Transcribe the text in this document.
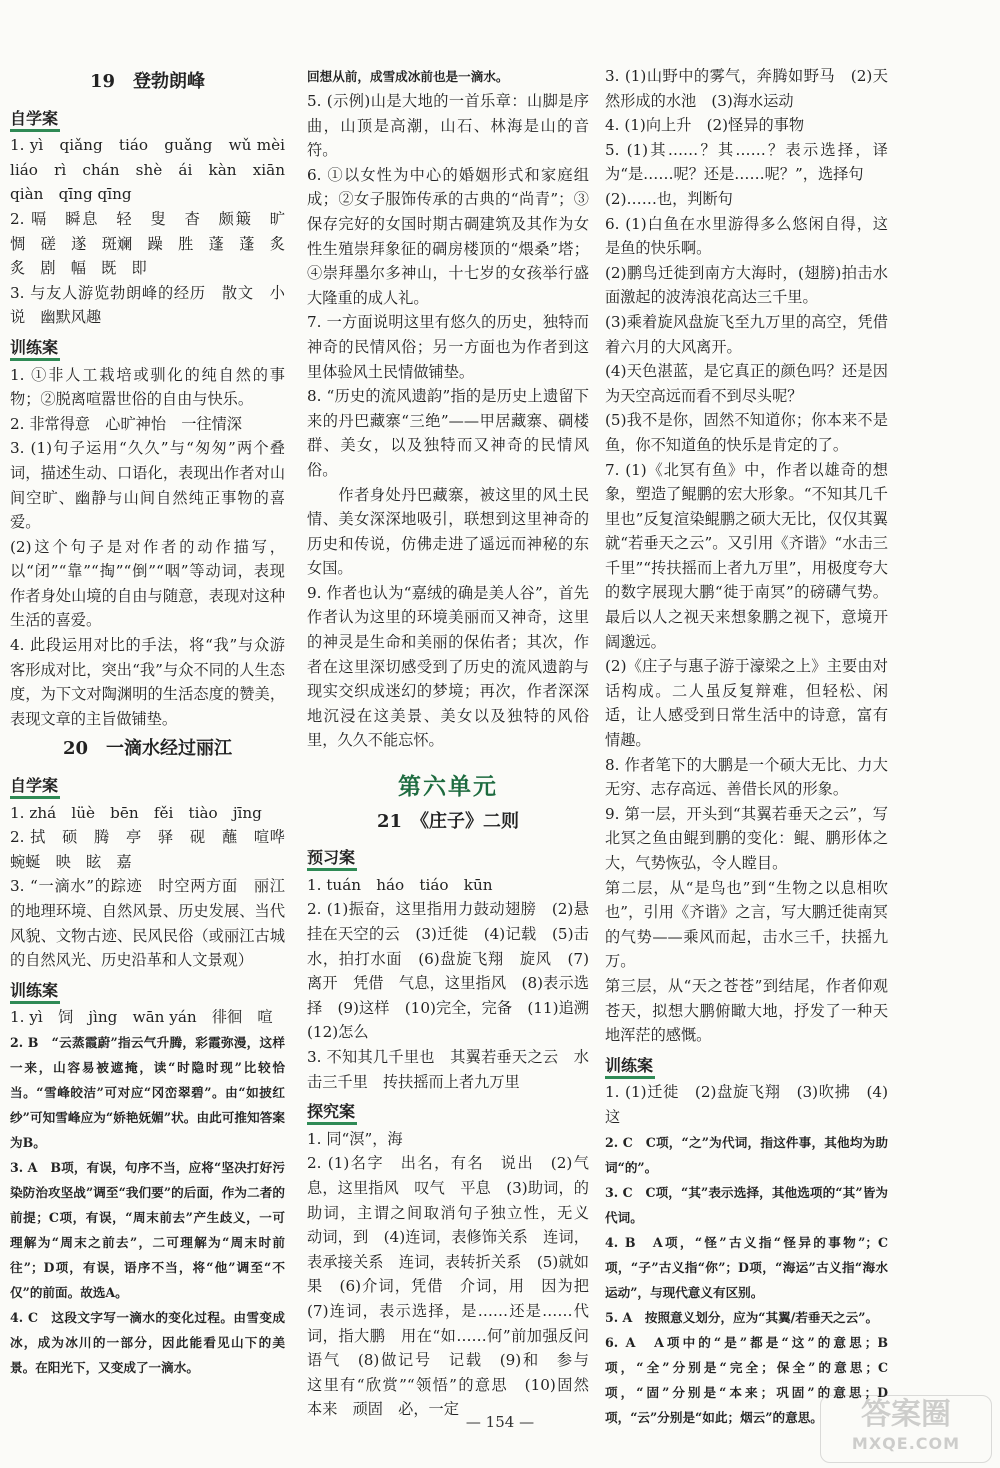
19　登勃朗峰
自学案

1. yì　qiǎng　tiáo　guǎng　wǔ mèi　liáo　rì　chán　shè　ái　kàn　xiān　qiàn　qīng qīng

2. 嗝　瞬息　轻　叟　杳　颇簸　旷　惆　磋　遂　斑斓　躁　胜　蓬　蓬　炙　炙　剧　幅　既　即

3. 与友人游览勃朗峰的经历　散文　小说　幽默风趣

训练案

1. ①非人工栽培或驯化的纯自然的事物；②脱离喧嚣世俗的自由与快乐。

2. 非常得意　心旷神怡　一往情深

3. (1)句子运用“久久”与“匆匆”两个叠词，描述生动、口语化，表现出作者对山间空旷、幽静与山间自然纯正事物的喜爱。

(2)这个句子是对作者的动作描写，以“闭”“靠”“掏”“倒”“咽”等动词，表现作者身处山境的自由与随意，表现对这种生活的喜爱。

4. 此段运用对比的手法，将“我”与众游客形成对比，突出“我”与众不同的人生态度，为下文对陶渊明的生活态度的赞美，表现文章的主旨做铺垫。

20　一滴水经过丽江
自学案

1. zhá　lüè　bēn　fěi　tiào　jīng

2. 拭　硕　腾　亭　驿　砚　蘸　喧哗　蜿蜒　映　眩　嘉

3. “一滴水”的踪迹　时空两方面　丽江的地理环境、自然风景、历史发展、当代风貌、文物古迹、民风民俗（或丽江古城的自然风光、历史沿革和人文景观）

训练案

1. yì　饲　jìng　wān yán　徘徊　喧

2. B　“云蒸霞蔚”指云气升腾，彩霞弥漫，这样一来，山容易被遮掩，读“时隐时现”比较恰当。“雪峰皎洁”可对应“冈峦翠碧”。由“如披红纱”可知雪峰应为“娇艳妩媚”状。由此可推知答案为B。

3. A　B项，有误，句序不当，应将“坚决打好污染防治攻坚战”调至“我们要”的后面，作为二者的前提；C项，有误，“周末前去”产生歧义，一可理解为“周末之前去”，二可理解为“周末时前往”；D项，有误，语序不当，将“他”调至“不仅”的前面。故选A。

4. C　这段文字写一滴水的变化过程。由雪变成冰，成为冰川的一部分，因此能看见山下的美景。在阳光下，又变成了一滴水。

回想从前，成雪成冰前也是一滴水。

5. (示例)山是大地的一首乐章：山脚是序曲，山顶是高潮，山石、林海是山的音符。

6. ①以女性为中心的婚姻形式和家庭组成；②女子服饰传承的古典的“尚青”；③保存完好的女国时期古碉建筑及其作为女性生殖崇拜象征的碉房楼顶的“煨桑”塔；④崇拜墨尔多神山，十七岁的女孩举行盛大隆重的成人礼。

7. 一方面说明这里有悠久的历史，独特而神奇的民情风俗；另一方面也为作者到这里体验风土民情做铺垫。

8. “历史的流风遗韵”指的是历史上遗留下来的丹巴藏寨“三绝”——甲居藏寨、碉楼群、美女，以及独特而又神奇的民情风俗。

　　作者身处丹巴藏寨，被这里的风土民情、美女深深地吸引，联想到这里神奇的历史和传说，仿佛走进了遥远而神秘的东女国。

9. 作者也认为“嘉绒的确是美人谷”，首先作者认为这里的环境美丽而又神奇，这里的神灵是生命和美丽的保佑者；其次，作者在这里深切感受到了历史的流风遗韵与现实交织成迷幻的梦境；再次，作者深深地沉浸在这美景、美女以及独特的风俗里，久久不能忘怀。

第六单元
21　《庄子》二则
预习案

1. tuán　háo　tiáo　kūn

2. (1)振奋，这里指用力鼓动翅膀　(2)悬挂在天空的云　(3)迁徙　(4)记载　(5)击水，拍打水面　(6)盘旋飞翔　旋风　(7)离开　凭借　气息，这里指风　(8)表示选择　(9)这样　(10)完全，完备　(11)追溯　(12)怎么

3. 不知其几千里也　其翼若垂天之云　水击三千里　抟扶摇而上者九万里

探究案

1. 同“溟”，海

2. (1)名字　出名，有名　说出　(2)气息，这里指风　叹气　平息　(3)助词，的　助词，主谓之间取消句子独立性，无义　动词，到　(4)连词，表修饰关系　连词，表承接关系　连词，表转折关系　(5)就如果　(6)介词，凭借　介词，用　因为把　(7)连词，表示选择，是……还是……代词，指大鹏　用在“如……何”前加强反问语气　(8)做记号　记载　(9)和　参与　这里有“欣赏”“领悟”的意思　(10)固然　本来　顽固　必，一定

3. (1)山野中的雾气，奔腾如野马　(2)天然形成的水池　(3)海水运动

4. (1)向上升　(2)怪异的事物

5. (1)其……？其……？表示选择，译为“是……呢？还是……呢？”，选择句

(2)……也，判断句

6. (1)白鱼在水里游得多么悠闲自得，这是鱼的快乐啊。

(2)鹏鸟迁徙到南方大海时，(翅膀)拍击水面激起的波涛浪花高达三千里。

(3)乘着旋风盘旋飞至九万里的高空，凭借着六月的大风离开。

(4)天色湛蓝，是它真正的颜色吗？还是因为天空高远而看不到尽头呢？

(5)我不是你，固然不知道你；你本来不是鱼，你不知道鱼的快乐是肯定的了。

7. (1)《北冥有鱼》中，作者以雄奇的想象，塑造了鲲鹏的宏大形象。“不知其几千里也”反复渲染鲲鹏之硕大无比，仅仅其翼就“若垂天之云”。又引用《齐谐》“水击三千里”“抟扶摇而上者九万里”，用极度夸大的数字展现大鹏“徙于南冥”的磅礴气势。最后以人之视天来想象鹏之视下，意境开阔邈远。

(2)《庄子与惠子游于濠梁之上》主要由对话构成。二人虽反复辩难，但轻松、闲适，让人感受到日常生活中的诗意，富有情趣。

8. 作者笔下的大鹏是一个硕大无比、力大无穷、志存高远、善借长风的形象。

9. 第一层，开头到“其翼若垂天之云”，写北冥之鱼由鲲到鹏的变化：鲲、鹏形体之大，气势恢弘，令人瞠目。

第二层，从“是鸟也”到“生物之以息相吹也”，引用《齐谐》之言，写大鹏迁徙南冥的气势——乘风而起，击水三千，扶摇九万。

第三层，从“天之苍苍”到结尾，作者仰观苍天，拟想大鹏俯瞰大地，抒发了一种天地浑茫的感慨。

训练案

1. (1)迁徙　(2)盘旋飞翔　(3)吹拂　(4)这

2. C　C项，“之”为代词，指这件事，其他均为助词“的”。

3. C　C项，“其”表示选择，其他选项的“其”皆为代词。

4. B　A项，“怪”古义指“怪异的事物”；C项，“子”古义指“你”；D项，“海运”古义指“海水运动”，与现代意义有区别。

5. A　按照意义划分，应为“其翼/若垂天之云”。

6. A　A项中的“是”都是“这”的意思；B项，“全”分别是“完全；保全”的意思；C项，“固”分别是“本来；巩固”的意思；D项，“云”分别是“如此；烟云”的意思。

— 154 —	答案圈
MXQE.COM
